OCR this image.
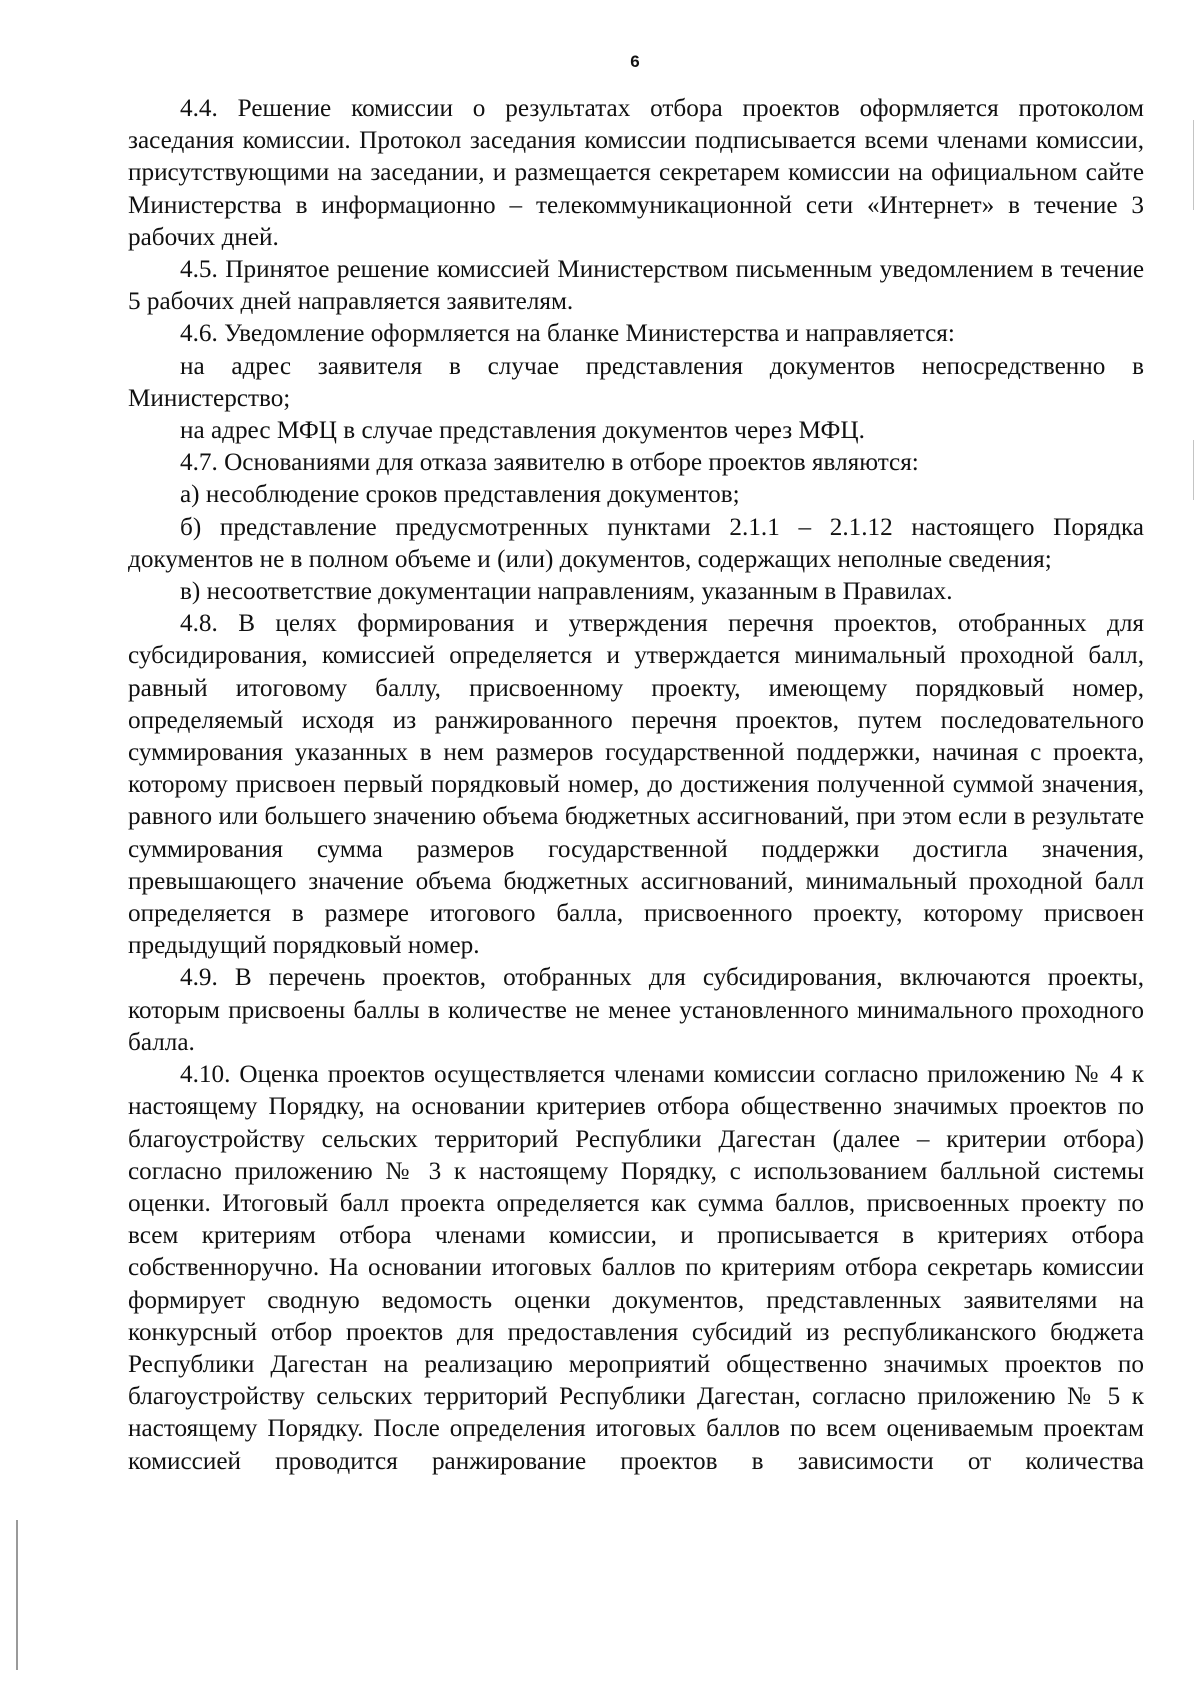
6

4.4. Решение комиссии о результатах отбора проектов оформляется протоколом заседания комиссии. Протокол заседания комиссии подписывается всеми членами комиссии, присутствующими на заседании, и размещается секретарем комиссии на официальном сайте Министерства в информационно – телекоммуникационной сети «Интернет» в течение 3 рабочих дней.

4.5. Принятое решение комиссией Министерством письменным уведомлением в течение 5 рабочих дней направляется заявителям.

4.6. Уведомление оформляется на бланке Министерства и направляется:

на адрес заявителя в случае представления документов непосредственно в Министерство;

на адрес МФЦ в случае представления документов через МФЦ.

4.7. Основаниями для отказа заявителю в отборе проектов являются:

а) несоблюдение сроков представления документов;

б) представление предусмотренных пунктами 2.1.1 – 2.1.12 настоящего Порядка документов не в полном объеме и (или) документов, содержащих неполные сведения;

в) несоответствие документации направлениям, указанным в Правилах.

4.8. В целях формирования и утверждения перечня проектов, отобранных для субсидирования, комиссией определяется и утверждается минимальный проходной балл, равный итоговому баллу, присвоенному проекту, имеющему порядковый номер, определяемый исходя из ранжированного перечня проектов, путем последовательного суммирования указанных в нем размеров государственной поддержки, начиная с проекта, которому присвоен первый порядковый номер, до достижения полученной суммой значения, равного или большего значению объема бюджетных ассигнований, при этом если в результате суммирования сумма размеров государственной поддержки достигла значения, превышающего значение объема бюджетных ассигнований, минимальный проходной балл определяется в размере итогового балла, присвоенного проекту, которому присвоен предыдущий порядковый номер.

4.9. В перечень проектов, отобранных для субсидирования, включаются проекты, которым присвоены баллы в количестве не менее установленного минимального проходного балла.

4.10. Оценка проектов осуществляется членами комиссии согласно приложению № 4 к настоящему Порядку, на основании критериев отбора общественно значимых проектов по благоустройству сельских территорий Республики Дагестан (далее – критерии отбора) согласно приложению № 3 к настоящему Порядку, с использованием балльной системы оценки. Итоговый балл проекта определяется как сумма баллов, присвоенных проекту по всем критериям отбора членами комиссии, и прописывается в критериях отбора собственноручно. На основании итоговых баллов по критериям отбора секретарь комиссии формирует сводную ведомость оценки документов, представленных заявителями на конкурсный отбор проектов для предоставления субсидий из республиканского бюджета Республики Дагестан на реализацию мероприятий общественно значимых проектов по благоустройству сельских территорий Республики Дагестан, согласно приложению № 5 к настоящему Порядку. После определения итоговых баллов по всем оцениваемым проектам комиссией проводится ранжирование проектов в зависимости от количества
